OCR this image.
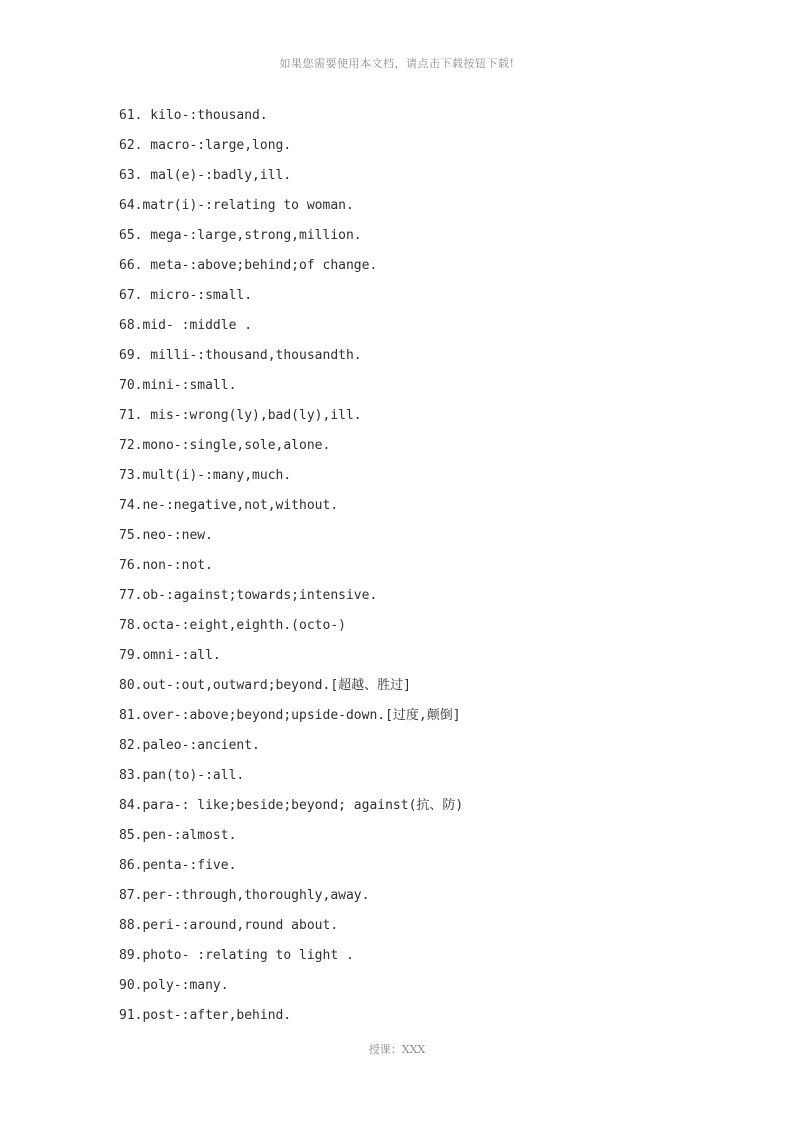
如果您需要使用本文档，请点击下载按钮下载!
61. kilo-:thousand.
62. macro-:large,long.
63. mal(e)-:badly,ill.
64.matr(i)-:relating to woman.
65. mega-:large,strong,million.
66. meta-:above;behind;of change.
67. micro-:small.
68.mid- :middle .
69. milli-:thousand,thousandth.
70.mini-:small.
71. mis-:wrong(ly),bad(ly),ill.
72.mono-:single,sole,alone.
73.mult(i)-:many,much.
74.ne-:negative,not,without.
75.neo-:new.
76.non-:not.
77.ob-:against;towards;intensive.
78.octa-:eight,eighth.(octo-)
79.omni-:all.
80.out-:out,outward;beyond.[超越、胜过]
81.over-:above;beyond;upside-down.[过度,颠倒]
82.paleo-:ancient.
83.pan(to)-:all.
84.para-: like;beside;beyond; against(抗、防)
85.pen-:almost.
86.penta-:five.
87.per-:through,thoroughly,away.
88.peri-:around,round about.
89.photo- :relating to light .
90.poly-:many.
91.post-:after,behind.
授课：XXX
